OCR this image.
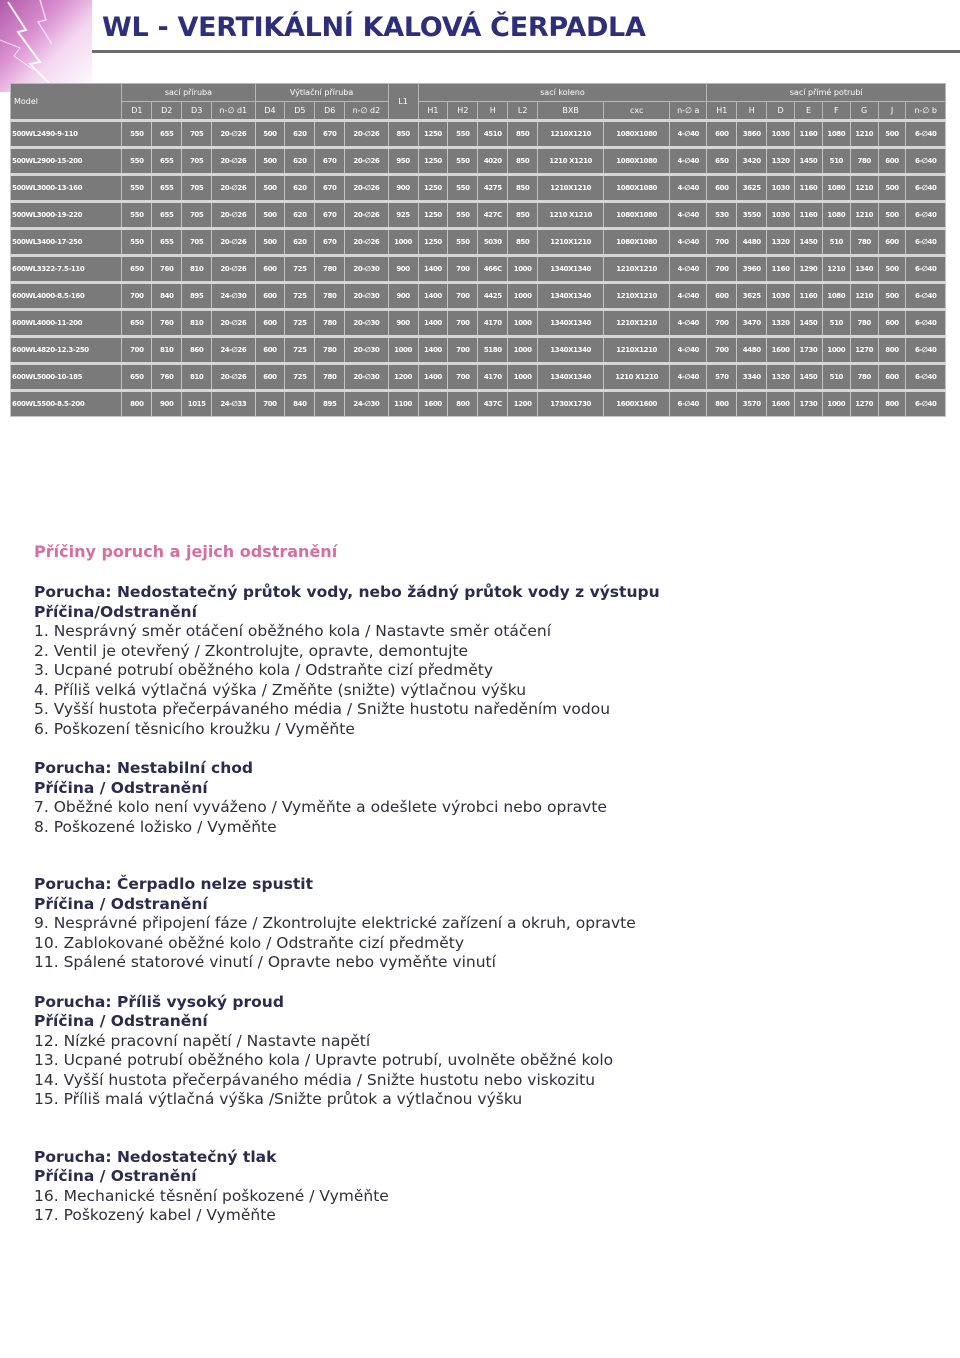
WL - VERTIKÁLNÍ KALOVÁ ČERPADLA
Model	sací příruba				Výtlační příruba				L1	sací koleno							sací přímé potrubí							
	D1	D2	D3	n-∅ d1	D4	D5	D6	n-∅ d2		H1	H2	H	L2	BXB	cxc	n-∅ a	H1	H	D	E	F	G	J	n-∅ b
500WL2490-9-110	550	655	705	20-∅26	500	620	670	20-∅26	850	1250	550	4510	850	1210X1210	1080X1080	4-∅40	600	3860	1030	1160	1080	1210	500	6-∅40
500WL2900-15-200	550	655	705	20-∅26	500	620	670	20-∅26	950	1250	550	4020	850	1210 X1210	1080X1080	4-∅40	650	3420	1320	1450	510	780	600	6-∅40
500WL3000-13-160	550	655	705	20-∅26	500	620	670	20-∅26	900	1250	550	4275	850	1210X1210	1080X1080	4-∅40	600	3625	1030	1160	1080	1210	500	6-∅40
500WL3000-19-220	550	655	705	20-∅26	500	620	670	20-∅26	925	1250	550	427C	850	1210 X1210	1080X1080	4-∅40	530	3550	1030	1160	1080	1210	500	6-∅40
500WL3400-17-250	550	655	705	20-∅26	500	620	670	20-∅26	1000	1250	550	5030	850	1210X1210	1080X1080	4-∅40	700	4480	1320	1450	510	780	600	6-∅40
600WL3322-7.5-110	650	760	810	20-∅26	600	725	780	20-∅30	900	1400	700	466C	1000	1340X1340	1210X1210	4-∅40	700	3960	1160	1290	1210	1340	500	6-∅40
600WL4000-8.5-160	700	840	895	24-∅30	600	725	780	20-∅30	900	1400	700	4425	1000	1340X1340	1210X1210	4-∅40	600	3625	1030	1160	1080	1210	500	6-∅40
600WL4000-11-200	650	760	810	20-∅26	600	725	780	20-∅30	900	1400	700	4170	1000	1340X1340	1210X1210	4-∅40	700	3470	1320	1450	510	780	600	6-∅40
600WL4820-12.3-250	700	810	860	24-∅26	600	725	780	20-∅30	1000	1400	700	5180	1000	1340X1340	1210X1210	4-∅40	700	4480	1600	1730	1000	1270	800	6-∅40
600WL5000-10-185	650	760	810	20-∅26	600	725	780	20-∅30	1200	1400	700	4170	1000	1340X1340	1210 X1210	4-∅40	570	3340	1320	1450	510	780	600	6-∅40
600WL5500-8.5-200	800	900	1015	24-∅33	700	840	895	24-∅30	1100	1600	800	437C	1200	1730X1730	1600X1600	6-∅40	800	3570	1600	1730	1000	1270	800	6-∅40
Příčiny poruch a jejich odstranění
Porucha: Nedostatečný průtok vody, nebo žádný průtok vody z výstupu
Příčina/Odstranění
1. Nesprávný směr otáčení oběžného kola / Nastavte směr otáčení
2. Ventil je otevřený / Zkontrolujte, opravte, demontujte
3. Ucpané potrubí oběžného kola / Odstraňte cizí předměty
4. Příliš velká výtlačná výška / Změňte (snižte) výtlačnou výšku
5. Vyšší hustota přečerpávaného média / Snižte hustotu naředěním vodou
6. Poškození těsnicího kroužku / Vyměňte
Porucha: Nestabilní chod
Příčina / Odstranění
7. Oběžné kolo není vyváženo / Vyměňte a odešlete výrobci nebo opravte
8. Poškozené ložisko / Vyměňte
Porucha: Čerpadlo nelze spustit
Příčina / Odstranění
9. Nesprávné připojení fáze / Zkontrolujte elektrické zařízení a okruh, opravte
10. Zablokované oběžné kolo / Odstraňte cizí předměty
11. Spálené statorové vinutí / Opravte nebo vyměňte vinutí
Porucha: Příliš vysoký proud
Příčina / Odstranění
12. Nízké pracovní napětí / Nastavte napětí
13. Ucpané potrubí oběžného kola / Upravte potrubí, uvolněte oběžné kolo
14. Vyšší hustota přečerpávaného média / Snižte hustotu nebo viskozitu
15. Příliš malá výtlačná výška /Snižte průtok a výtlačnou výšku
Porucha: Nedostatečný tlak
Příčina / Ostranění
16. Mechanické těsnění poškozené / Vyměňte
17. Poškozený kabel / Vyměňte
